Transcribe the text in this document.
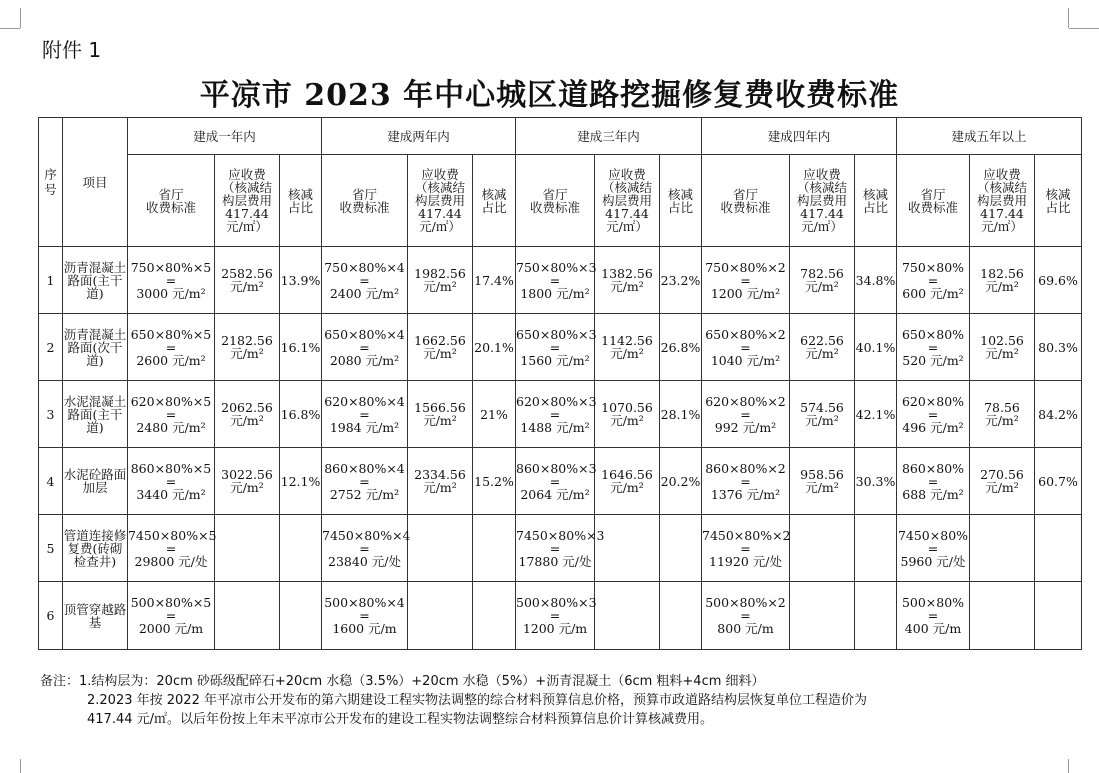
附件 1
平凉市 2023 年中心城区道路挖掘修复费收费标准
序号	项目	建成一年内			建成两年内			建成三年内			建成四年内			建成五年以上		
		省厅
收费标准	应收费
（核减结
构层费用
417.44
元/㎡）	核减
占比	省厅
收费标准	应收费
（核减结
构层费用
417.44
元/㎡）	核减
占比	省厅
收费标准	应收费
（核减结
构层费用
417.44
元/㎡）	核减
占比	省厅
收费标准	应收费
（核减结
构层费用
417.44
元/㎡）	核减
占比	省厅
收费标准	应收费
（核减结
构层费用
417.44
元/㎡）	核减
占比
1	沥青混凝土路面(主干道)	750×80%×5
=
3000 元/m²	2582.56
元/m²	13.9%	750×80%×4
=
2400 元/m²	1982.56
元/m²	17.4%	750×80%×3
=
1800 元/m²	1382.56
元/m²	23.2%	750×80%×2
=
1200 元/m²	782.56
元/m²	34.8%	750×80%
=
600 元/m²	182.56
元/m²	69.6%
2	沥青混凝土路面(次干道)	650×80%×5
=
2600 元/m²	2182.56
元/m²	16.1%	650×80%×4
=
2080 元/m²	1662.56
元/m²	20.1%	650×80%×3
=
1560 元/m²	1142.56
元/m²	26.8%	650×80%×2
=
1040 元/m²	622.56
元/m²	40.1%	650×80%
=
520 元/m²	102.56
元/m²	80.3%
3	水泥混凝土路面(主干道)	620×80%×5
=
2480 元/m²	2062.56
元/m²	16.8%	620×80%×4
=
1984 元/m²	1566.56
元/m²	21%	620×80%×3
=
1488 元/m²	1070.56
元/m²	28.1%	620×80%×2
=
992 元/m²	574.56
元/m²	42.1%	620×80%
=
496 元/m²	78.56
元/m²	84.2%
4	水泥砼路面加层	860×80%×5
=
3440 元/m²	3022.56
元/m²	12.1%	860×80%×4
=
2752 元/m²	2334.56
元/m²	15.2%	860×80%×3
=
2064 元/m²	1646.56
元/m²	20.2%	860×80%×2
=
1376 元/m²	958.56
元/m²	30.3%	860×80%
=
688 元/m²	270.56
元/m²	60.7%
5	管道连接修复费(砖砌检查井)	7450×80%×5
=
29800 元/处			7450×80%×4
=
23840 元/处			7450×80%×3
=
17880 元/处			7450×80%×2
=
11920 元/处			7450×80%
=
5960 元/处		
6	顶管穿越路基	500×80%×5
=
2000 元/m			500×80%×4
=
1600 元/m			500×80%×3
=
1200 元/m			500×80%×2
=
800 元/m			500×80%
=
400 元/m		
备注：1.结构层为：20cm 砂砾级配碎石+20cm 水稳（3.5%）+20cm 水稳（5%）+沥青混凝土（6cm 粗料+4cm 细料）
2.2023 年按 2022 年平凉市公开发布的第六期建设工程实物法调整的综合材料预算信息价格，预算市政道路结构层恢复单位工程造价为
417.44 元/㎡。以后年份按上年末平凉市公开发布的建设工程实物法调整综合材料预算信息价计算核减费用。
